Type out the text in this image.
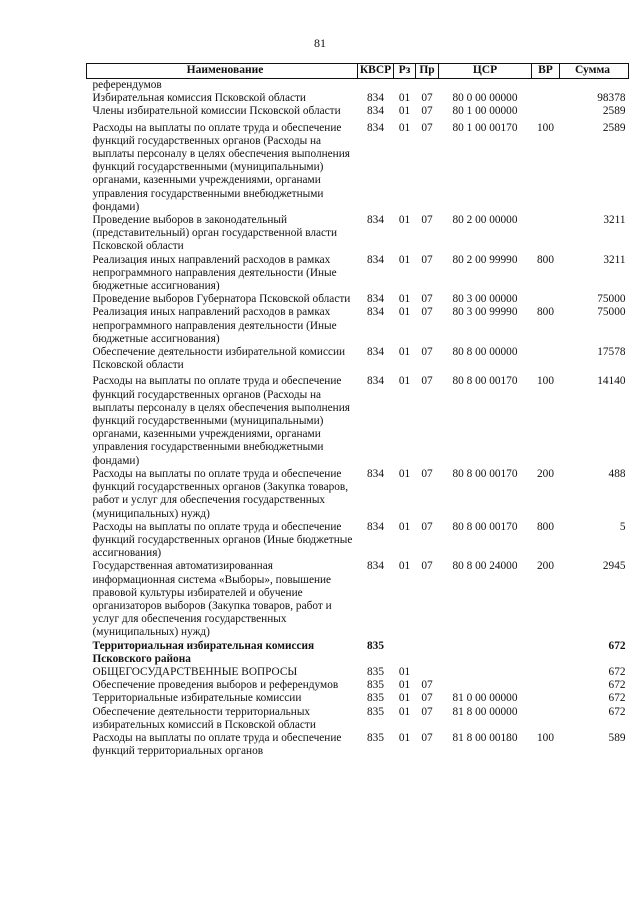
81
Наименование	КВСР	Рз	Пр	ЦСР	ВР	Сумма
референдумов						
Избирательная комиссия Псковской области	834	01	07	80 0 00 00000		98378
Члены избирательной комиссии Псковской области	834	01	07	80 1 00 00000		2589
Расходы на выплаты по оплате труда и обеспечение функций государственных органов (Расходы на выплаты персоналу в целях обеспечения выполнения функций государственными (муниципальными) органами, казенными учреждениями, органами управления государственными внебюджетными фондами)	834	01	07	80 1 00 00170	100	2589
Проведение выборов в законодательный (представительный) орган государственной власти Псковской области	834	01	07	80 2 00 00000		3211
Реализация иных направлений расходов в рамках непрограммного направления деятельности (Иные бюджетные ассигнования)	834	01	07	80 2 00 99990	800	3211
Проведение выборов Губернатора Псковской области	834	01	07	80 3 00 00000		75000
Реализация иных направлений расходов в рамках непрограммного направления деятельности (Иные бюджетные ассигнования)	834	01	07	80 3 00 99990	800	75000
Обеспечение деятельности избирательной комиссии Псковской области	834	01	07	80 8 00 00000		17578
Расходы на выплаты по оплате труда и обеспечение функций государственных органов (Расходы на выплаты персоналу в целях обеспечения выполнения функций государственными (муниципальными) органами, казенными учреждениями, органами управления государственными внебюджетными фондами)	834	01	07	80 8 00 00170	100	14140
Расходы на выплаты по оплате труда и обеспечение функций государственных органов (Закупка товаров, работ и услуг для обеспечения государственных (муниципальных) нужд)	834	01	07	80 8 00 00170	200	488
Расходы на выплаты по оплате труда и обеспечение функций государственных органов (Иные бюджетные ассигнования)	834	01	07	80 8 00 00170	800	5
Государственная автоматизированная информационная система «Выборы», повышение правовой культуры избирателей и обучение организаторов выборов (Закупка товаров, работ и услуг для обеспечения государственных (муниципальных) нужд)	834	01	07	80 8 00 24000	200	2945
Территориальная избирательная комиссия Псковского района	835					672
ОБЩЕГОСУДАРСТВЕННЫЕ ВОПРОСЫ	835	01				672
Обеспечение проведения выборов и референдумов	835	01	07			672
Территориальные избирательные комиссии	835	01	07	81 0 00 00000		672
Обеспечение деятельности территориальных избирательных комиссий в Псковской области	835	01	07	81 8 00 00000		672
Расходы на выплаты по оплате труда и обеспечение функций территориальных органов	835	01	07	81 8 00 00180	100	589
